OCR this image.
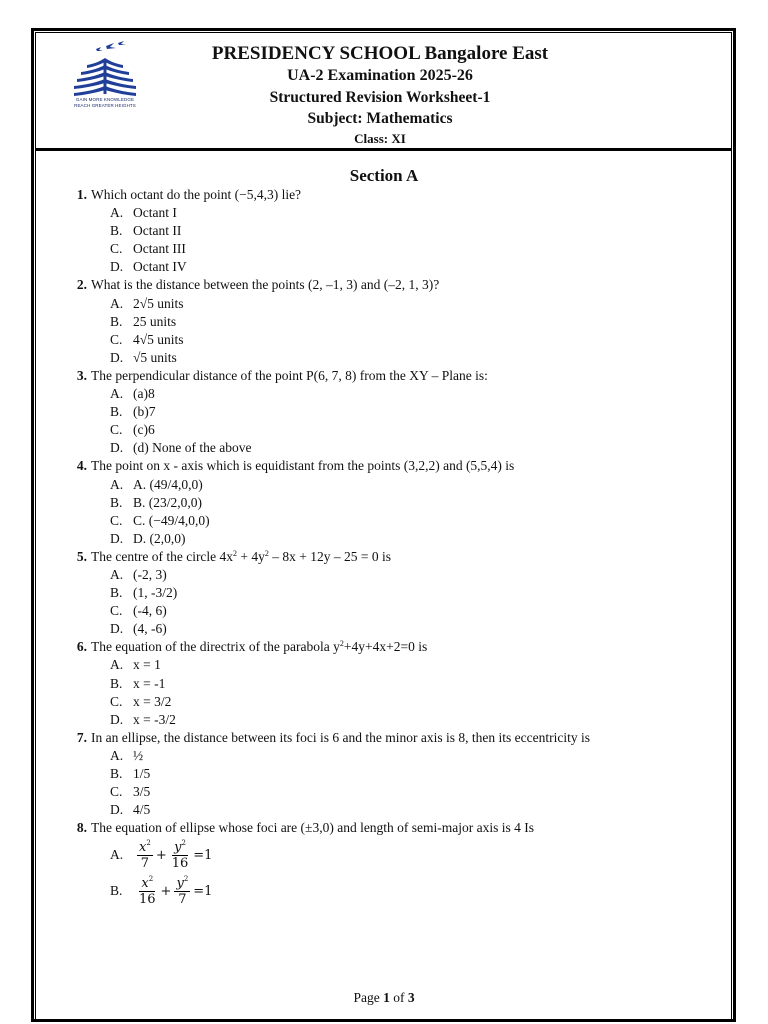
GAIN MORE KNOWLEDGE
REACH GREATER HEIGHTS
PRESIDENCY SCHOOL Bangalore East
UA-2 Examination 2025-26
Structured Revision Worksheet-1
Subject: Mathematics
Class: XI
Section A
1. Which octant do the point (−5,4,3) lie?
A. Octant I
B. Octant II
C. Octant III
D. Octant IV
2. What is the distance between the points (2, –1, 3) and (–2, 1, 3)?
A. 2√5 units
B. 25 units
C. 4√5 units
D. √5 units
3. The perpendicular distance of the point P(6, 7, 8) from the XY – Plane is:
A. (a)8
B. (b)7
C. (c)6
D. (d) None of the above
4. The point on x - axis which is equidistant from the points (3,2,2) and (5,5,4) is
A. A. (49/4,0,0)
B. B. (23/2,0,0)
C. C. (−49/4,0,0)
D. D. (2,0,0)
5. The centre of the circle $4x^2 + 4y^2 - 8x + 12y - 25 = 0$ is
A. (-2, 3)
B. (1, -3/2)
C. (-4, 6)
D. (4, -6)
6. The equation of the directrix of the parabola $y^2+4y+4x+2=0$ is
A. x = 1
B. x = -1
C. x = 3/2
D. x = -3/2
7. In an ellipse, the distance between its foci is 6 and the minor axis is 8, then its eccentricity is
A. ½
B. 1/5
C. 3/5
D. 4/5
8. The equation of ellipse whose foci are (±3,0) and length of semi-major axis is 4 Is
A.	$\frac{x^2}{7} + \frac{y^2}{16} =1$
B.	$\frac{x^2}{16} + \frac{y^2}{7} =1$
Page 1 of 3
